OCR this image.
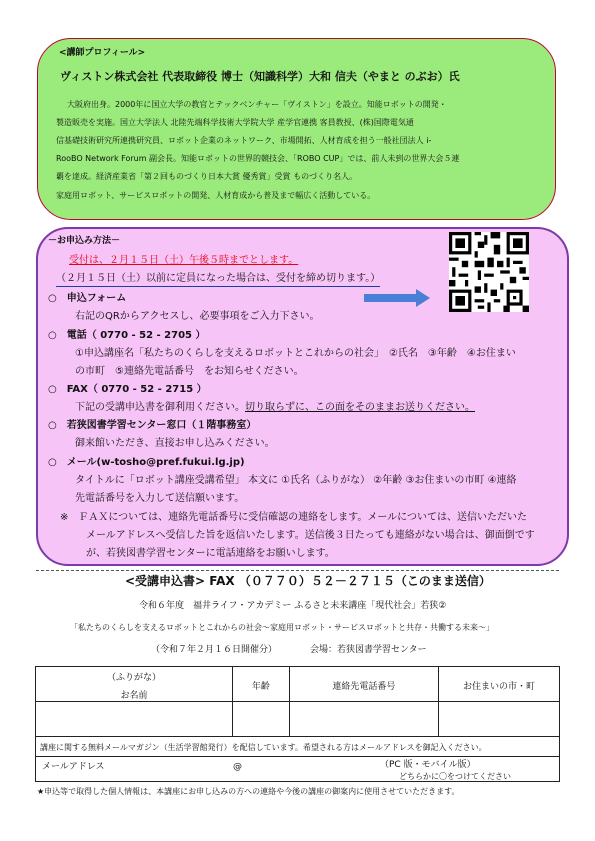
<講師プロフィール>
ヴィストン株式会社 代表取締役 博士（知識科学）大和 信夫（やまと のぶお）氏
大阪府出身。2000年に国立大学の教官とテックベンチャー「ヴイストン」を設立。知能ロボットの開発・
製造販売を実施。国立大学法人 北陸先端科学技術大学院大学 産学官連携 客員教授、(株)国際電気通
信基礎技術研究所連携研究員、ロボット企業のネットワーク、市場開拓、人材育成を担う一般社団法人 i-
RooBO Network Forum 副会長。知能ロボットの世界的競技会、「ROBO CUP」では、前人未到の世界大会５連
覇を達成。経済産業省「第２回ものづくり日本大賞 優秀賞」受賞 ものづくり名人。
家庭用ロボット、サービスロボットの開発、人材育成から普及まで幅広く活動している。
－お申込み方法－
受付は、２月１５日（土）午後５時までとします。
（２月１５日（土）以前に定員になった場合は、受付を締め切ります。）
○　申込フォーム
右記のQRからアクセスし、必要事項をご入力下さい。
○　電話（ 0770 - 52 - 2705 ）
①申込講座名「私たちのくらしを支えるロボットとこれからの社会」　②氏名　③年齢　④お住まい
の市町　⑤連絡先電話番号　をお知らせください。
○　FAX（ 0770 - 52 - 2715 ）
下記の受講申込書を御利用ください。切り取らずに、この面をそのままお送りください。
○　若狭図書学習センター窓口（１階事務室）
御来館いただき、直接お申し込みください。
○　メール(w-tosho@pref.fukui.lg.jp)
タイトルに「ロボット講座受講希望」 本文に ①氏名（ふりがな） ②年齢 ③お住まいの市町 ④連絡
先電話番号を入力して送信願います。
※　ＦＡＸについては、連絡先電話番号に受信確認の連絡をします。メールについては、送信いただいた
メールアドレスへ受信した旨を返信いたします。送信後３日たっても連絡がない場合は、御面倒です
が、若狭図書学習センターに電話連絡をお願いします。
<受講申込書> FAX （０７７０）５２－２７１５（このまま送信）
令和６年度　福井ライフ・アカデミー ふるさと未来講座「現代社会」若狭②
「私たちのくらしを支えるロボットとこれからの社会～家庭用ロボット・サービスロボットと共存・共働する未来～」
（令和７年２月１６日開催分）	会場：若狭図書学習センター
（ふりがな）
お名前	年齢	連絡先電話番号	お住まいの市・町

講座に関する無料メールマガジン（生活学習館発行）を配信しています。希望される方はメールアドレスを御記入ください。			

メールアドレス @ （PC 版・モバイル版）
どちらかに〇をつけてください			
★申込等で取得した個人情報は、本講座にお申し込みの方への連絡や今後の講座の御案内に使用させていただきます。
